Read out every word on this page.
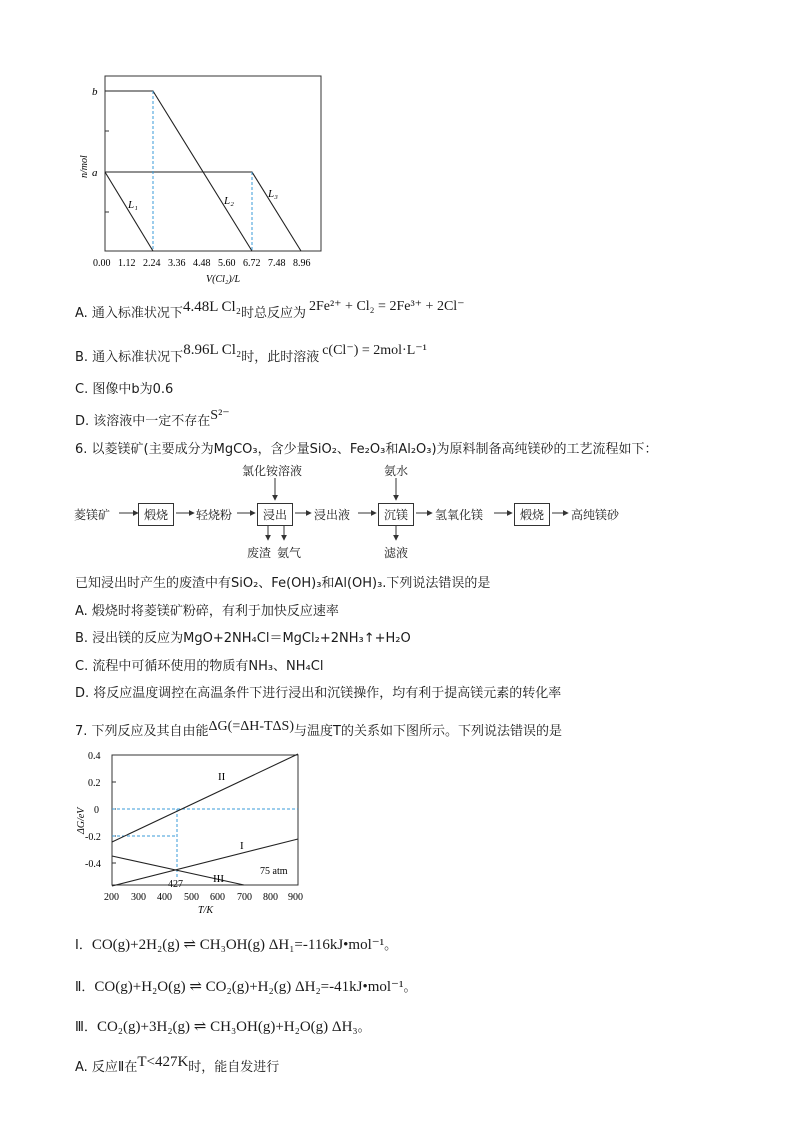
b
a
n/mol
L₁	L₂
L₃
0.00 1.12 2.24 3.36 4.48 5.60 6.72 7.48 8.96
V(Cl₂)/L
A. 通入标准状况下4.48L Cl₂时总反应为 2Fe²⁺ + Cl₂ = 2Fe³⁺ + 2Cl⁻
B. 通入标准状况下8.96L Cl₂时，此时溶液 c(Cl⁻) = 2mol·L⁻¹
C. 图像中b为0.6
D. 该溶液中一定不存在S²⁻
6. 以菱镁矿(主要成分为MgCO₃，含少量SiO₂、Fe₂O₃和Al₂O₃)为原料制备高纯镁砂的工艺流程如下：
菱镁矿	煅烧	轻烧粉
氯化铵溶液
浸出
废渣 氨气
浸出液
氨水
沉镁
滤液
氢氧化镁	煅烧	高纯镁砂
已知浸出时产生的废渣中有SiO₂、Fe(OH)₃和Al(OH)₃.下列说法错误的是
A. 煅烧时将菱镁矿粉碎，有利于加快反应速率
B. 浸出镁的反应为MgO+2NH₄Cl＝MgCl₂+2NH₃↑+H₂O
C. 流程中可循环使用的物质有NH₃、NH₄Cl
D. 将反应温度调控在高温条件下进行浸出和沉镁操作，均有利于提高镁元素的转化率
7. 下列反应及其自由能ΔG(=ΔH-TΔS)与温度T的关系如下图所示。下列说法错误的是
0.4
0.2
0
-0.2
-0.4
ΔG/eV
II
I
III
75 atm
427
200 300 400 500 600 700 800 900
T/K
Ⅰ．CO(g)+2H₂(g) ⇌ CH₃OH(g) ΔH₁=-116kJ•mol⁻¹。
Ⅱ．CO(g)+H₂O(g) ⇌ CO₂(g)+H₂(g) ΔH₂=-41kJ•mol⁻¹。
Ⅲ．CO₂(g)+3H₂(g) ⇌ CH₃OH(g)+H₂O(g) ΔH₃。
A. 反应Ⅱ在T<427K时，能自发进行
